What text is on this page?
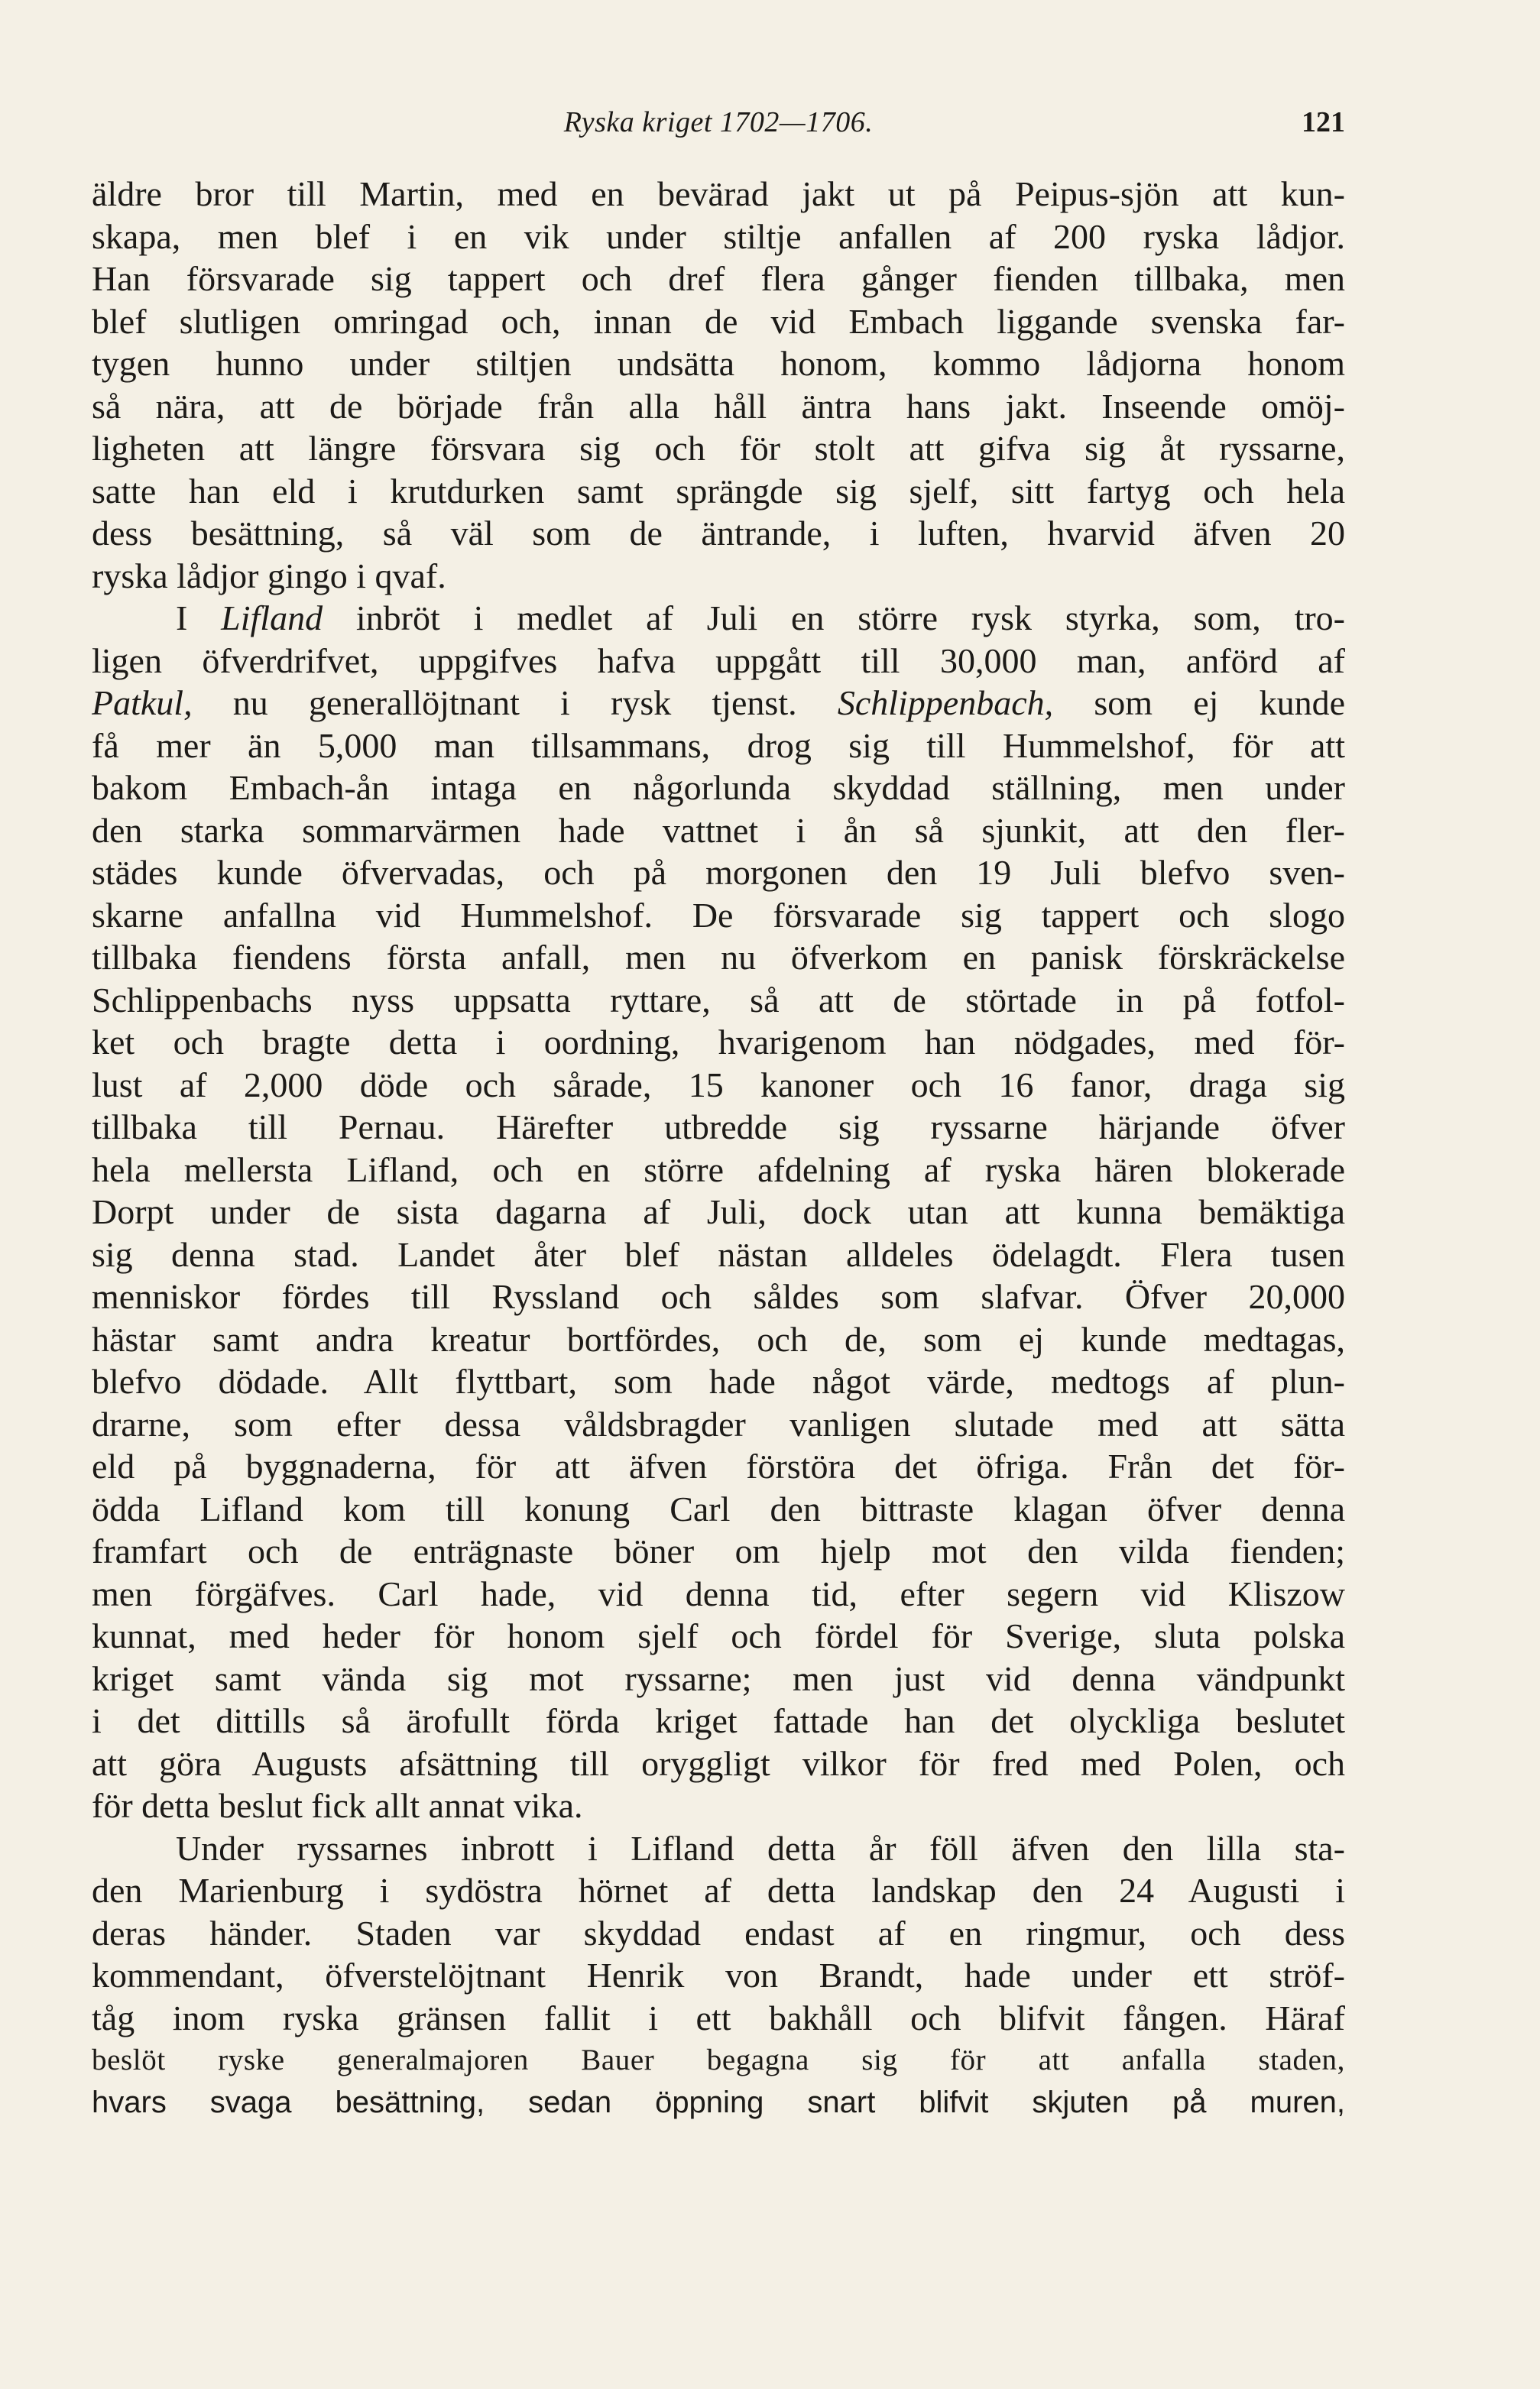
Ryska kriget 1702—1706.	121
äldre bror till Martin, med en bevärad jakt ut på Peipus-sjön att kun-
skapa, men blef i en vik under stiltje anfallen af 200 ryska lådjor.
Han försvarade sig tappert och dref flera gånger fienden tillbaka, men
blef slutligen omringad och, innan de vid Embach liggande svenska far-
tygen hunno under stiltjen undsätta honom, kommo lådjorna honom
så nära, att de började från alla håll äntra hans jakt. Inseende omöj-
ligheten att längre försvara sig och för stolt att gifva sig åt ryssarne,
satte han eld i krutdurken samt sprängde sig sjelf, sitt fartyg och hela
dess besättning, så väl som de äntrande, i luften, hvarvid äfven 20
ryska lådjor gingo i qvaf.
I Lifland inbröt i medlet af Juli en större rysk styrka, som, tro-
ligen öfverdrifvet, uppgifves hafva uppgått till 30,000 man, anförd af
Patkul, nu generallöjtnant i rysk tjenst. Schlippenbach, som ej kunde
få mer än 5,000 man tillsammans, drog sig till Hummelshof, för att
bakom Embach-ån intaga en någorlunda skyddad ställning, men under
den starka sommarvärmen hade vattnet i ån så sjunkit, att den fler-
städes kunde öfvervadas, och på morgonen den 19 Juli blefvo sven-
skarne anfallna vid Hummelshof. De försvarade sig tappert och slogo
tillbaka fiendens första anfall, men nu öfverkom en panisk förskräckelse
Schlippenbachs nyss uppsatta ryttare, så att de störtade in på fotfol-
ket och bragte detta i oordning, hvarigenom han nödgades, med för-
lust af 2,000 döde och sårade, 15 kanoner och 16 fanor, draga sig
tillbaka till Pernau. Härefter utbredde sig ryssarne härjande öfver
hela mellersta Lifland, och en större afdelning af ryska hären blokerade
Dorpt under de sista dagarna af Juli, dock utan att kunna bemäktiga
sig denna stad. Landet åter blef nästan alldeles ödelagdt. Flera tusen
menniskor fördes till Ryssland och såldes som slafvar. Öfver 20,000
hästar samt andra kreatur bortfördes, och de, som ej kunde medtagas,
blefvo dödade. Allt flyttbart, som hade något värde, medtogs af plun-
drarne, som efter dessa våldsbragder vanligen slutade med att sätta
eld på byggnaderna, för att äfven förstöra det öfriga. Från det för-
ödda Lifland kom till konung Carl den bittraste klagan öfver denna
framfart och de enträgnaste böner om hjelp mot den vilda fienden;
men förgäfves. Carl hade, vid denna tid, efter segern vid Kliszow
kunnat, med heder för honom sjelf och fördel för Sverige, sluta polska
kriget samt vända sig mot ryssarne; men just vid denna vändpunkt
i det dittills så ärofullt förda kriget fattade han det olyckliga beslutet
att göra Augusts afsättning till oryggligt vilkor för fred med Polen, och
för detta beslut fick allt annat vika.
Under ryssarnes inbrott i Lifland detta år föll äfven den lilla sta-
den Marienburg i sydöstra hörnet af detta landskap den 24 Augusti i
deras händer. Staden var skyddad endast af en ringmur, och dess
kommendant, öfverstelöjtnant Henrik von Brandt, hade under ett ströf-
tåg inom ryska gränsen fallit i ett bakhåll och blifvit fången. Häraf
beslöt ryske generalmajoren Bauer begagna sig för att anfalla staden,
hvars svaga besättning, sedan öppning snart blifvit skjuten på muren,
